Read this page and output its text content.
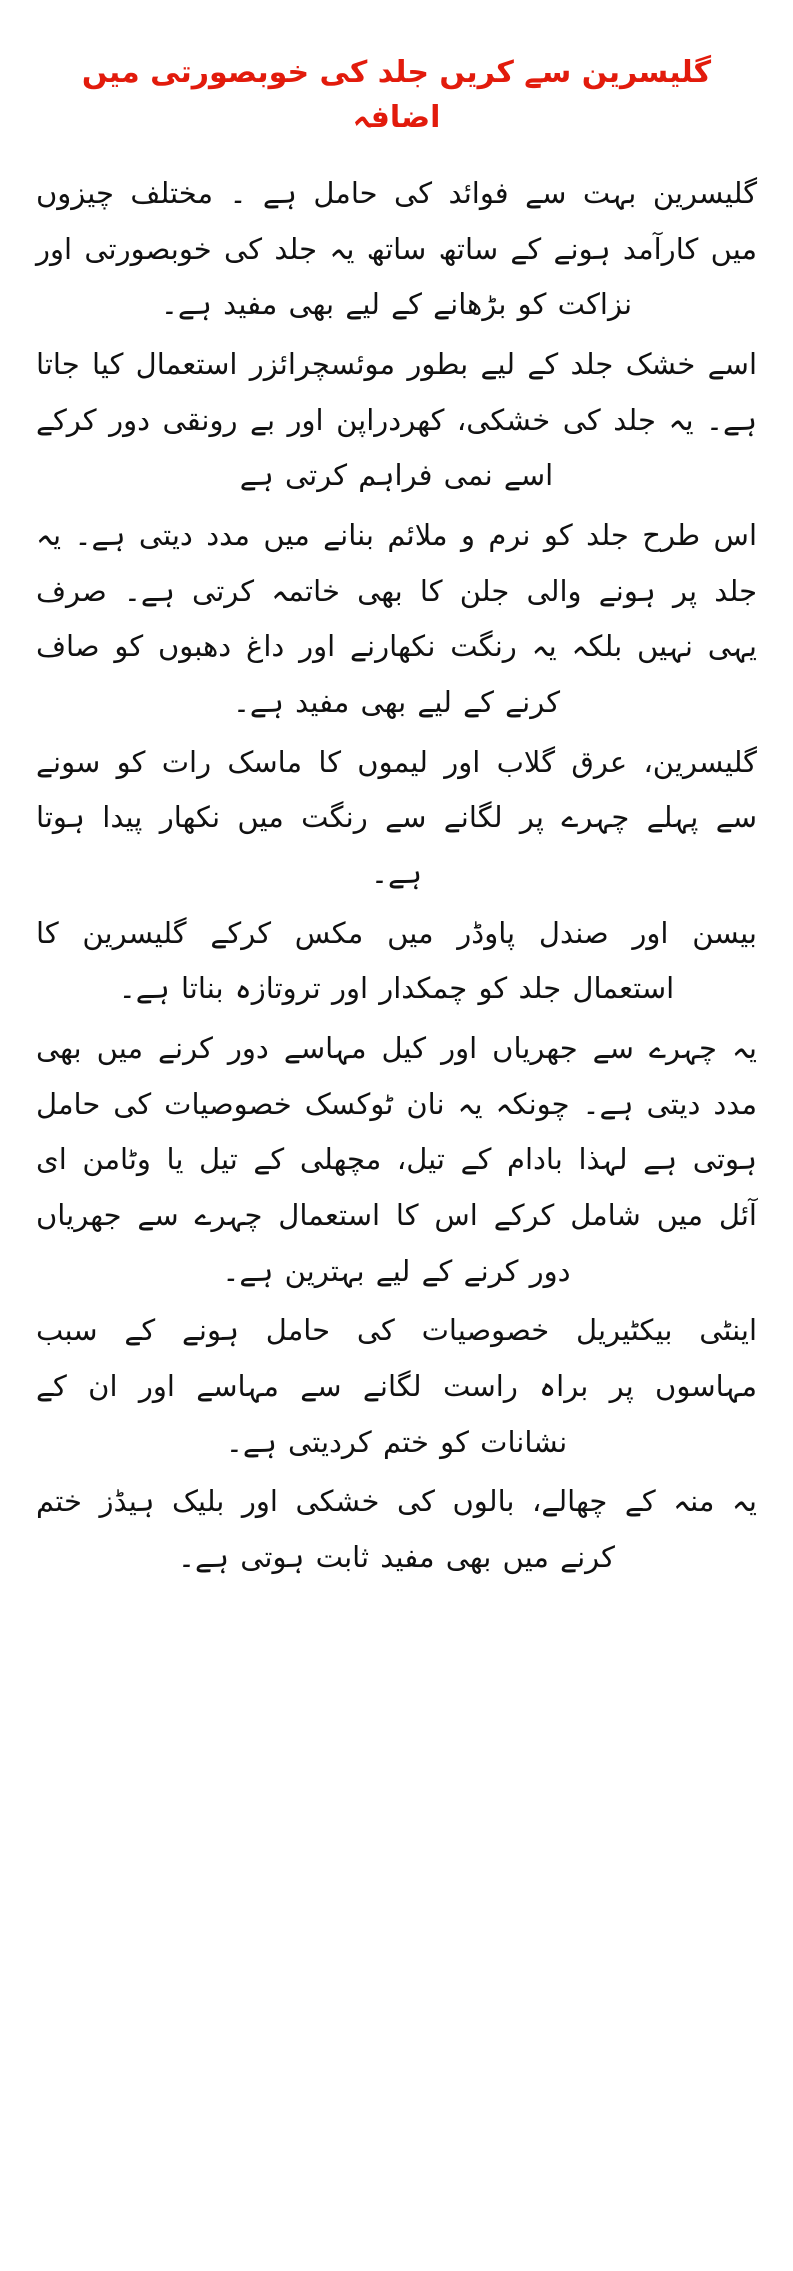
گلیسرین سے کریں جلد کی خوبصورتی میں اضافہ

گلیسرین بہت سے فوائد کی حامل ہے ۔ مختلف چیزوں میں کارآمد ہونے کے ساتھ ساتھ یہ جلد کی خوبصورتی اور نزاکت کو بڑھانے کے لیے بھی مفید ہے۔

اسے خشک جلد کے لیے بطور موئسچرائزر استعمال کیا جاتا ہے۔ یہ جلد کی خشکی، کھردراپن اور بے رونقی دور کرکے اسے نمی فراہم کرتی ہے

اس طرح جلد کو نرم و ملائم بنانے میں مدد دیتی ہے۔ یہ جلد پر ہونے والی جلن کا بھی خاتمہ کرتی ہے۔ صرف یہی نہیں بلکہ یہ رنگت نکھارنے اور داغ دھبوں کو صاف کرنے کے لیے بھی مفید ہے۔

گلیسرین، عرق گلاب اور لیموں کا ماسک رات کو سونے سے پہلے چہرے پر لگانے سے رنگت میں نکھار پیدا ہوتا ہے۔

بیسن اور صندل پاوڈر میں مکس کرکے گلیسرین کا استعمال جلد کو چمکدار اور تروتازہ بناتا ہے۔

یہ چہرے سے جھریاں اور کیل مہاسے دور کرنے میں بھی مدد دیتی ہے۔ چونکہ یہ نان ٹوکسک خصوصیات کی حامل ہوتی ہے لہذا بادام کے تیل، مچھلی کے تیل یا وٹامن ای آئل میں شامل کرکے اس کا استعمال چہرے سے جھریاں دور کرنے کے لیے بہترین ہے۔

اینٹی بیکٹیریل خصوصیات کی حامل ہونے کے سبب مہاسوں پر براہ راست لگانے سے مہاسے اور ان کے نشانات کو ختم کردیتی ہے۔

یہ منہ کے چھالے، بالوں کی خشکی اور بلیک ہیڈز ختم کرنے میں بھی مفید ثابت ہوتی ہے۔
